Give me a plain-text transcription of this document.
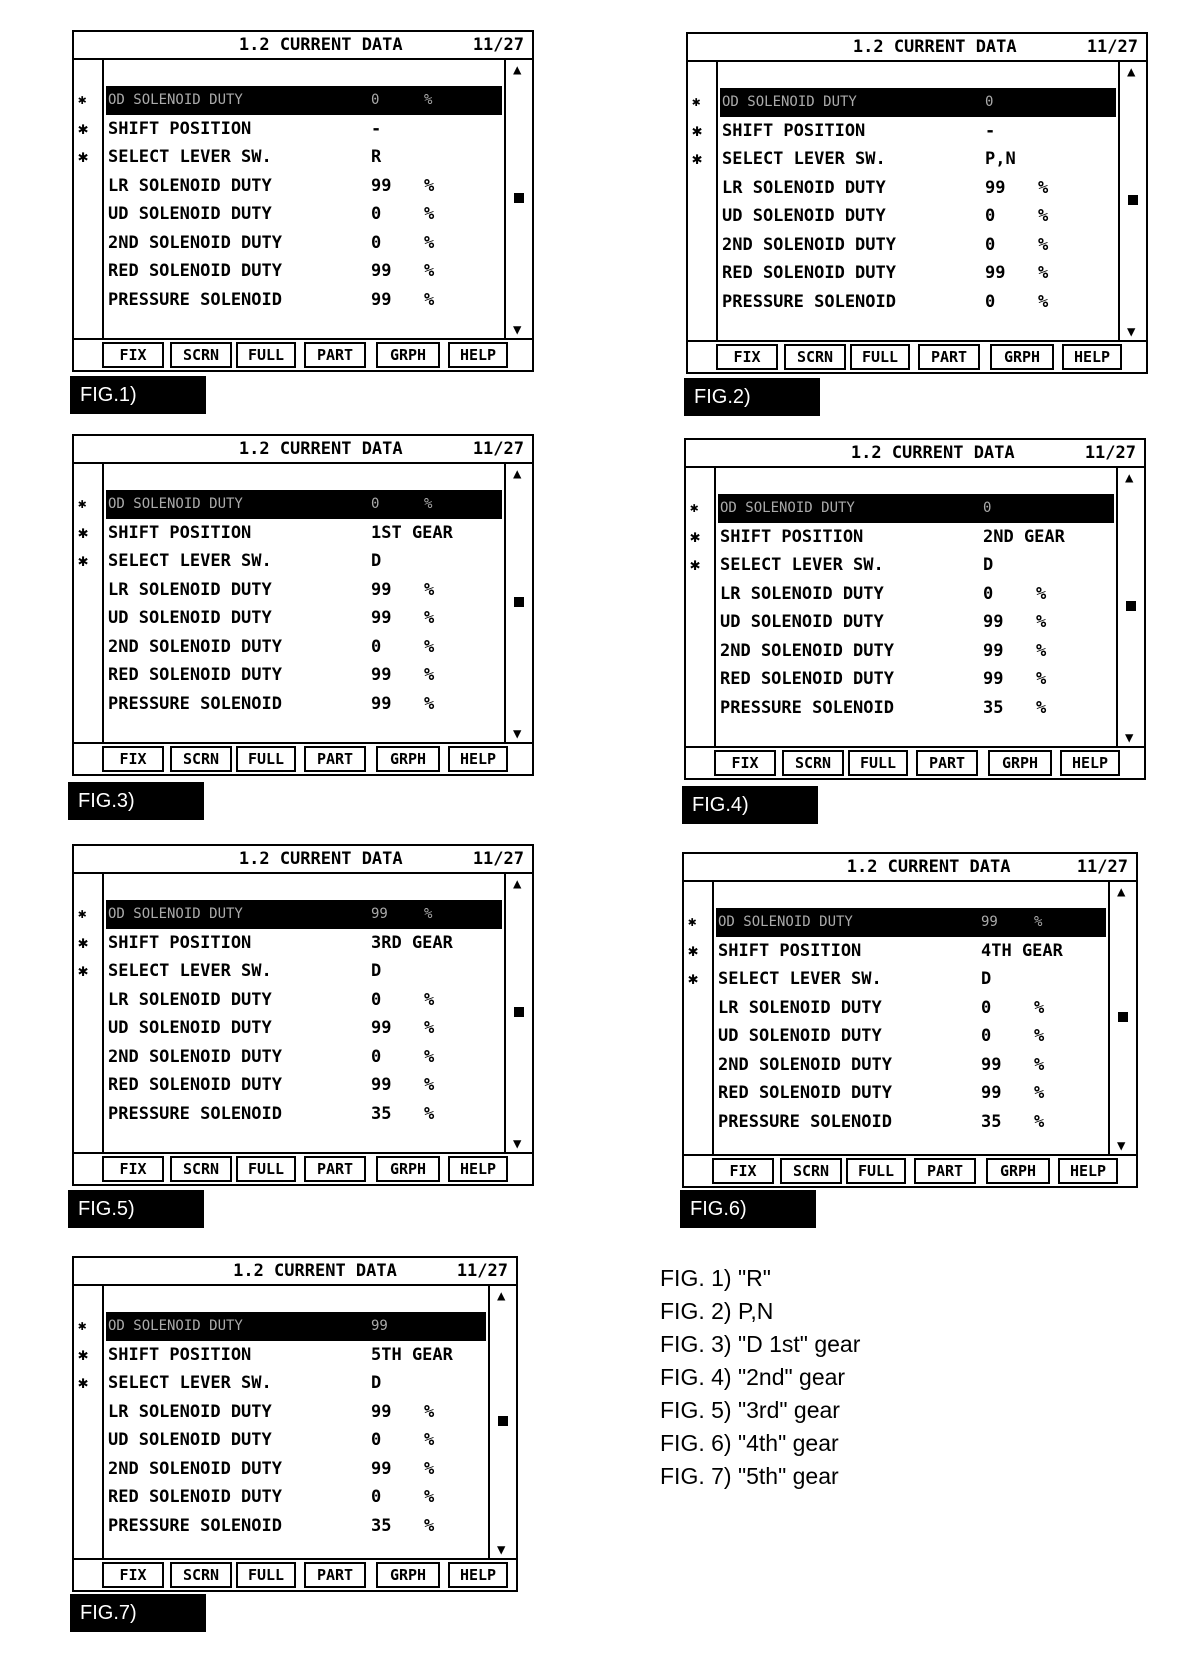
1.2 CURRENT DATA	11/27
▲
▼
✱ OD SOLENOID DUTY	0	%
✱ SHIFT POSITION	-
✱ SELECT LEVER SW.	R
LR SOLENOID DUTY	99 %
UD SOLENOID DUTY	0	%
2ND SOLENOID DUTY	0	%
RED SOLENOID DUTY	99 %
PRESSURE SOLENOID	99 %
FIX	SCRN	FULL	PART	GRPH	HELP
FIG.1)
1.2 CURRENT DATA	11/27
▲
▼
✱ OD SOLENOID DUTY	0
✱ SHIFT POSITION	-
✱ SELECT LEVER SW.	P,N
LR SOLENOID DUTY	99 %
UD SOLENOID DUTY	0	%
2ND SOLENOID DUTY	0	%
RED SOLENOID DUTY	99 %
PRESSURE SOLENOID	0	%
FIX	SCRN	FULL	PART	GRPH	HELP
FIG.2)
1.2 CURRENT DATA	11/27
▲
▼
✱ OD SOLENOID DUTY	0	%
✱ SHIFT POSITION	1ST GEAR
✱ SELECT LEVER SW.	D
LR SOLENOID DUTY	99 %
UD SOLENOID DUTY	99 %
2ND SOLENOID DUTY	0	%
RED SOLENOID DUTY	99 %
PRESSURE SOLENOID	99 %
FIX	SCRN	FULL	PART	GRPH	HELP
FIG.3)
1.2 CURRENT DATA	11/27
▲
▼
✱ OD SOLENOID DUTY	0
✱ SHIFT POSITION	2ND GEAR
✱ SELECT LEVER SW.	D
LR SOLENOID DUTY	0	%
UD SOLENOID DUTY	99 %
2ND SOLENOID DUTY	99 %
RED SOLENOID DUTY	99 %
PRESSURE SOLENOID	35 %
FIX	SCRN	FULL	PART	GRPH	HELP
FIG.4)
1.2 CURRENT DATA	11/27
▲
▼
✱ OD SOLENOID DUTY	99	%
✱ SHIFT POSITION	3RD GEAR
✱ SELECT LEVER SW.	D
LR SOLENOID DUTY	0	%
UD SOLENOID DUTY	99 %
2ND SOLENOID DUTY	0	%
RED SOLENOID DUTY	99 %
PRESSURE SOLENOID	35 %
FIX	SCRN	FULL	PART	GRPH	HELP
FIG.5)
1.2 CURRENT DATA	11/27
▲
▼
✱ OD SOLENOID DUTY	99	%
✱ SHIFT POSITION	4TH GEAR
✱ SELECT LEVER SW.	D
LR SOLENOID DUTY	0	%
UD SOLENOID DUTY	0	%
2ND SOLENOID DUTY	99 %
RED SOLENOID DUTY	99 %
PRESSURE SOLENOID	35 %
FIX	SCRN	FULL	PART	GRPH	HELP
FIG.6)
1.2 CURRENT DATA	11/27
▲
▼
✱ OD SOLENOID DUTY	99
✱ SHIFT POSITION	5TH GEAR
✱ SELECT LEVER SW.	D
LR SOLENOID DUTY	99 %
UD SOLENOID DUTY	0	%
2ND SOLENOID DUTY	99 %
RED SOLENOID DUTY	0	%
PRESSURE SOLENOID	35 %
FIX	SCRN	FULL	PART	GRPH	HELP
FIG.7)
FIG. 1) "R"
FIG. 2) P,N
FIG. 3) "D 1st" gear
FIG. 4) "2nd" gear
FIG. 5) "3rd" gear
FIG. 6) "4th" gear
FIG. 7) "5th" gear
